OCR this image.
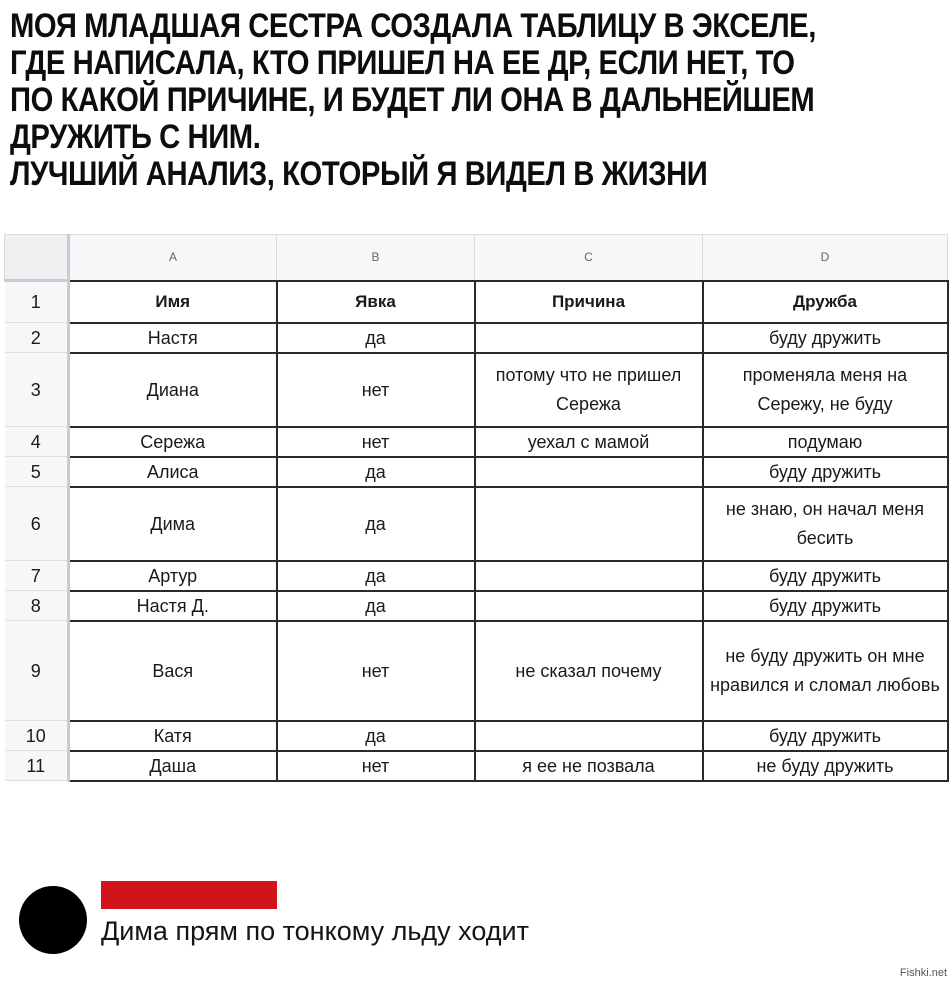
МОЯ МЛАДШАЯ СЕСТРА СОЗДАЛА ТАБЛИЦУ В ЭКСЕЛЕ,
ГДЕ НАПИСАЛА, КТО ПРИШЕЛ НА ЕЕ ДР, ЕСЛИ НЕТ, ТО
ПО КАКОЙ ПРИЧИНЕ, И БУДЕТ ЛИ ОНА В ДАЛЬНЕЙШЕМ
ДРУЖИТЬ С НИМ.
ЛУЧШИЙ АНАЛИЗ, КОТОРЫЙ Я ВИДЕЛ В ЖИЗНИ
	A	B	C	D
1	Имя	Явка	Причина	Дружба
2	Настя	да		буду дружить
3	Диана	нет	потому что не пришел Сережа	променяла меня на Сережу, не буду
4	Сережа	нет	уехал с мамой	подумаю
5	Алиса	да		буду дружить
6	Дима	да		не знаю, он начал меня бесить
7	Артур	да		буду дружить
8	Настя Д.	да		буду дружить
9	Вася	нет	не сказал почему	не буду дружить он мне нравился и сломал любовь
10	Катя	да		буду дружить
11	Даша	нет	я ее не позвала	не буду дружить
Дима прям по тонкому льду ходит
Fishki.net
